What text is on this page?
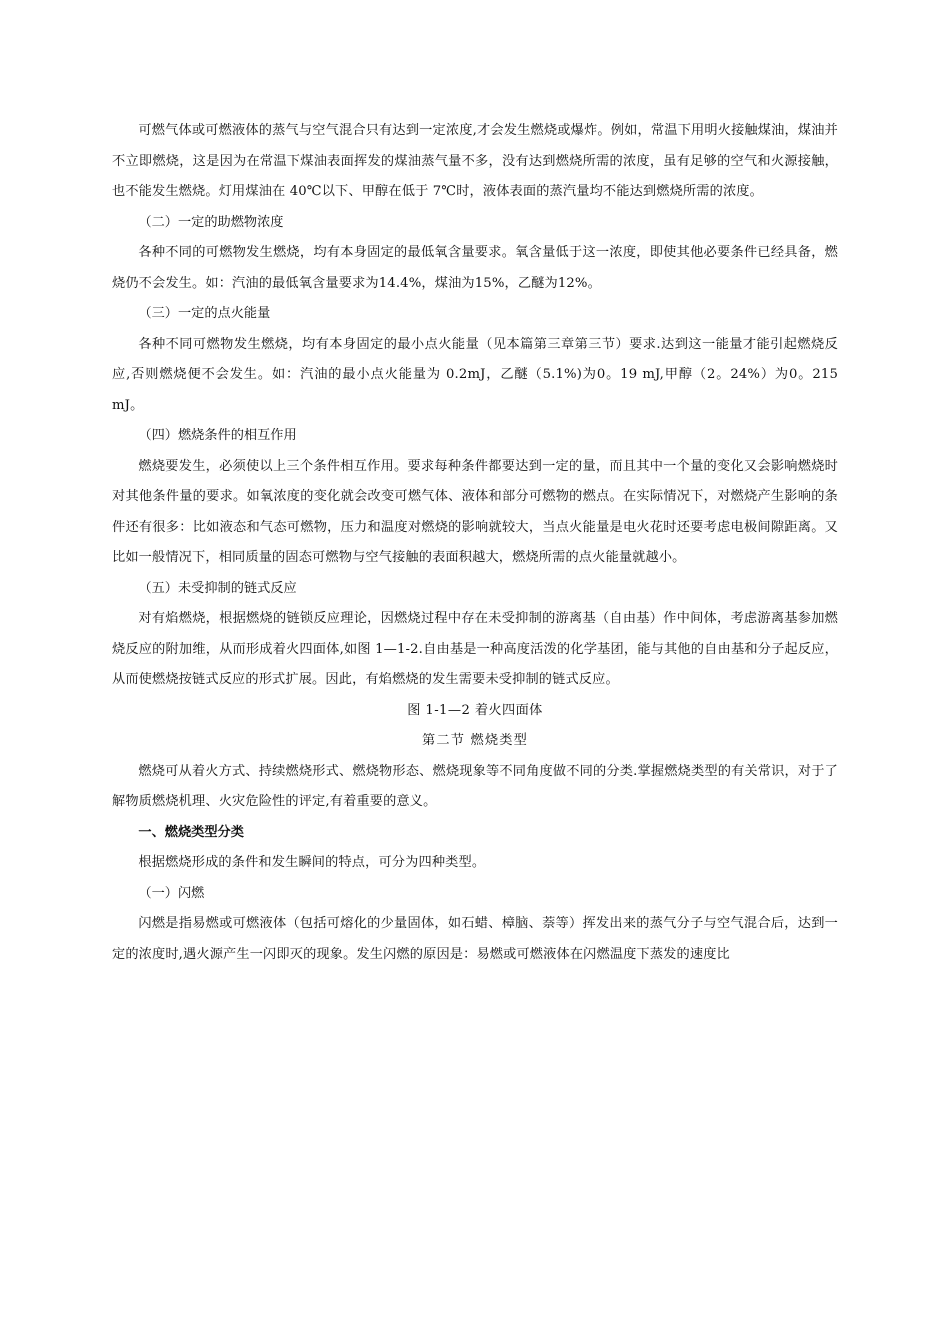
可燃气体或可燃液体的蒸气与空气混合只有达到一定浓度,才会发生燃烧或爆炸。例如，常温下用明火接触煤油，煤油并不立即燃烧，这是因为在常温下煤油表面挥发的煤油蒸气量不多，没有达到燃烧所需的浓度，虽有足够的空气和火源接触，也不能发生燃烧。灯用煤油在 40℃以下、甲醇在低于 7℃时，液体表面的蒸汽量均不能达到燃烧所需的浓度。

（二）一定的助燃物浓度

各种不同的可燃物发生燃烧，均有本身固定的最低氧含量要求。氧含量低于这一浓度，即使其他必要条件已经具备，燃烧仍不会发生。如：汽油的最低氧含量要求为14.4%，煤油为15%，乙醚为12%。

（三）一定的点火能量

各种不同可燃物发生燃烧，均有本身固定的最小点火能量（见本篇第三章第三节）要求.达到这一能量才能引起燃烧反应,否则燃烧便不会发生。如：汽油的最小点火能量为 0.2mJ，乙醚（5.1%)为0。19 mJ,甲醇（2。24%）为0。215 mJ。

（四）燃烧条件的相互作用

燃烧要发生，必须使以上三个条件相互作用。要求每种条件都要达到一定的量，而且其中一个量的变化又会影响燃烧时对其他条件量的要求。如氧浓度的变化就会改变可燃气体、液体和部分可燃物的燃点。在实际情况下，对燃烧产生影响的条件还有很多：比如液态和气态可燃物，压力和温度对燃烧的影响就较大，当点火能量是电火花时还要考虑电极间隙距离。又比如一般情况下，相同质量的固态可燃物与空气接触的表面积越大，燃烧所需的点火能量就越小。

（五）未受抑制的链式反应

对有焰燃烧，根据燃烧的链锁反应理论，因燃烧过程中存在未受抑制的游离基（自由基）作中间体，考虑游离基参加燃烧反应的附加维，从而形成着火四面体,如图 1—1-2.自由基是一种高度活泼的化学基团，能与其他的自由基和分子起反应，从而使燃烧按链式反应的形式扩展。因此，有焰燃烧的发生需要未受抑制的链式反应。

图 1-1—2 着火四面体

第二节 燃烧类型

燃烧可从着火方式、持续燃烧形式、燃烧物形态、燃烧现象等不同角度做不同的分类.掌握燃烧类型的有关常识，对于了解物质燃烧机理、火灾危险性的评定,有着重要的意义。

一、燃烧类型分类

根据燃烧形成的条件和发生瞬间的特点，可分为四种类型。

（一）闪燃

闪燃是指易燃或可燃液体（包括可熔化的少量固体，如石蜡、樟脑、萘等）挥发出来的蒸气分子与空气混合后，达到一定的浓度时,遇火源产生一闪即灭的现象。发生闪燃的原因是：易燃或可燃液体在闪燃温度下蒸发的速度比
